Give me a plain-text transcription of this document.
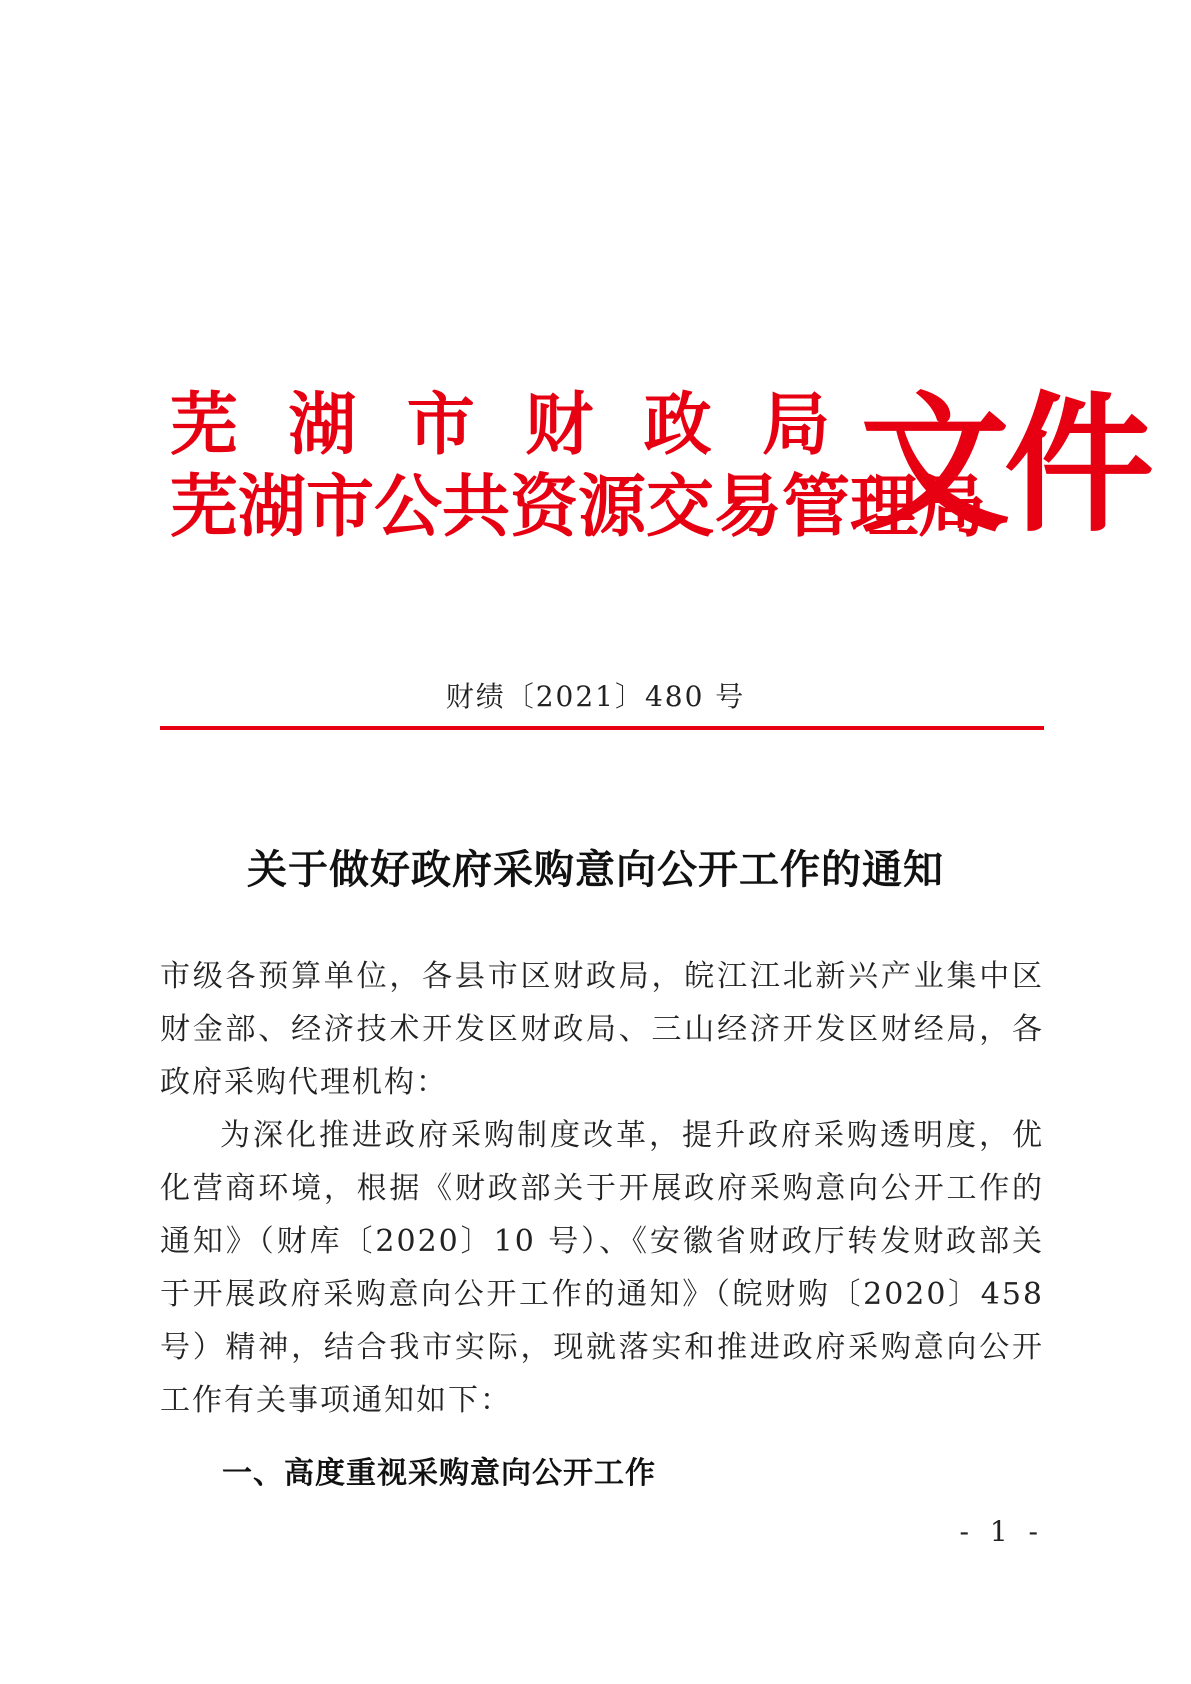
芜 湖 市 财 政 局
芜湖市公共资源交易管理局
文件
财绩〔2021〕480 号
关于做好政府采购意向公开工作的通知

市级各预算单位，各县市区财政局，皖江江北新兴产业集中区财金部、经济技术开发区财政局、三山经济开发区财经局，各政府采购代理机构：

为深化推进政府采购制度改革，提升政府采购透明度，优化营商环境，根据《财政部关于开展政府采购意向公开工作的通知》（财库〔2020〕10 号）、《安徽省财政厅转发财政部关于开展政府采购意向公开工作的通知》（皖财购〔2020〕458 号）精神，结合我市实际，现就落实和推进政府采购意向公开工作有关事项通知如下：

一、高度重视采购意向公开工作
- 1 -
